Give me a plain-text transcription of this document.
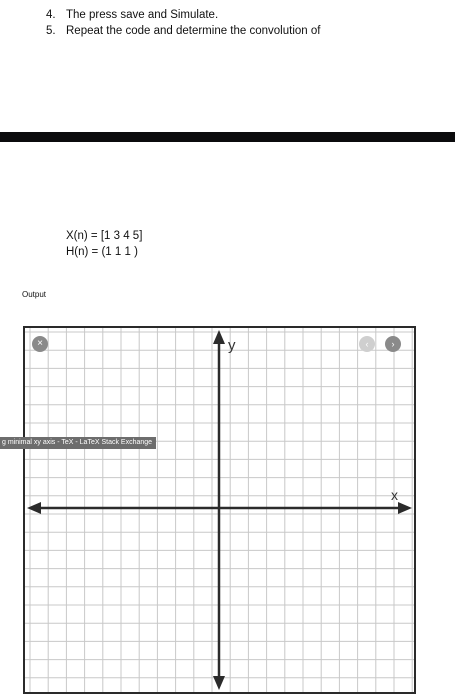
4. The press save and Simulate.
5. Repeat the code and determine the convolution of
X(n) = [1 3 4 5]
H(n) = (1 1 1 )
Output
y
x
×	‹	›
g minimal xy axis - TeX - LaTeX Stack Exchange
